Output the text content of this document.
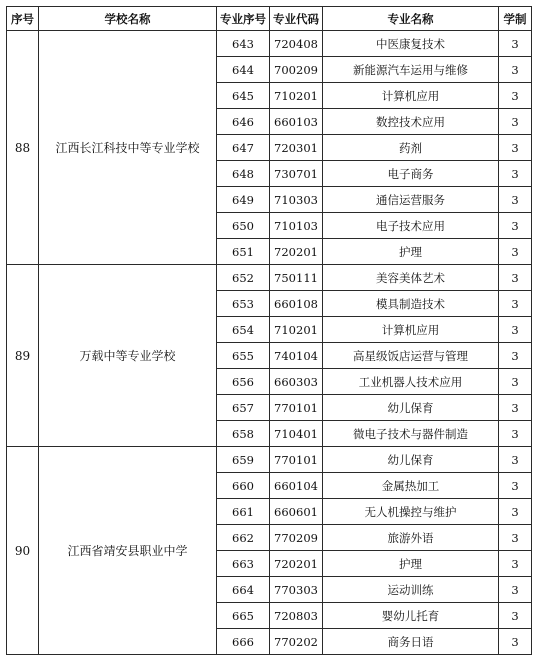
序号	学校名称	专业序号	专业代码	专业名称	学制
88	江西长江科技中等专业学校	643	720408	中医康复技术	3
		644	700209	新能源汽车运用与维修	3
		645	710201	计算机应用	3
		646	660103	数控技术应用	3
		647	720301	药剂	3
		648	730701	电子商务	3
		649	710303	通信运营服务	3
		650	710103	电子技术应用	3
		651	720201	护理	3
89	万载中等专业学校	652	750111	美容美体艺术	3
		653	660108	模具制造技术	3
		654	710201	计算机应用	3
		655	740104	高星级饭店运营与管理	3
		656	660303	工业机器人技术应用	3
		657	770101	幼儿保育	3
		658	710401	微电子技术与器件制造	3
90	江西省靖安县职业中学	659	770101	幼儿保育	3
		660	660104	金属热加工	3
		661	660601	无人机操控与维护	3
		662	770209	旅游外语	3
		663	720201	护理	3
		664	770303	运动训练	3
		665	720803	婴幼儿托育	3
		666	770202	商务日语	3
